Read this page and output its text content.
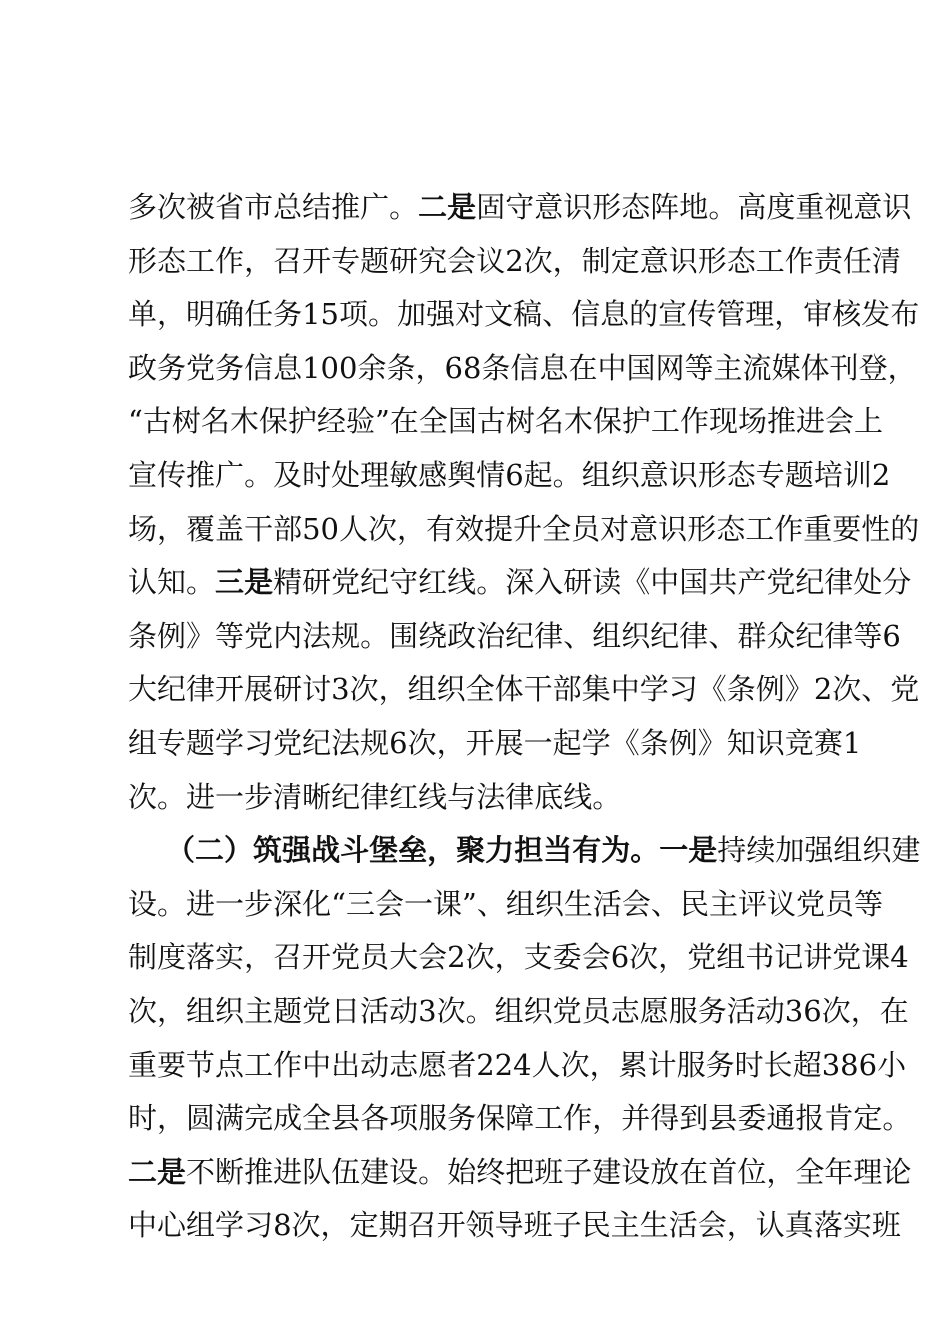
多 次 被 省 市 总 结 推 广 。 二 是 固 守 意 识 形 态 阵 地 。 高 度 重 视 意 识
形 态 工 作 ， 召 开 专 题 研 究 会 议 2 次 ， 制 定 意 识 形 态 工 作 责 任 清
单 ， 明 确 任 务 15 项 。 加 强 对 文 稿 、 信 息 的 宣 传 管 理 ， 审 核 发 布
政 务 党 务 信 息 100 余 条 ， 68 条 信 息 在 中 国 网 等 主 流 媒 体 刊 登 ，
“ 古 树 名 木 保 护 经 验 ” 在 全 国 古 树 名 木 保 护 工 作 现 场 推 进 会 上
宣 传 推 广 。 及 时 处 理 敏 感 舆 情 6 起 。 组 织 意 识 形 态 专 题 培 训 2
场 ， 覆 盖 干 部 50 人 次 ， 有 效 提 升 全 员 对 意 识 形 态 工 作 重 要 性 的
认 知 。 三 是 精 研 党 纪 守 红 线 。 深 入 研 读 《 中 国 共 产 党 纪 律 处 分
条 例 》 等 党 内 法 规 。 围 绕 政 治 纪 律 、 组 织 纪 律 、 群 众 纪 律 等 6
大 纪 律 开 展 研 讨 3 次 ， 组 织 全 体 干 部 集 中 学 习 《 条 例 》 2 次 、 党
组 专 题 学 习 党 纪 法 规 6 次 ， 开 展 一 起 学 《 条 例 》 知 识 竞 赛 1
次 。 进 一 步 清 晰 纪 律 红 线 与 法 律 底 线 。
（ 二 ） 筑 强 战 斗 堡 垒 ， 聚 力 担 当 有 为 。 一 是 持 续 加 强 组 织 建
设 。 进 一 步 深 化 “ 三 会 一 课 ” 、 组 织 生 活 会 、 民 主 评 议 党 员 等
制 度 落 实 ， 召 开 党 员 大 会 2 次 ， 支 委 会 6 次 ， 党 组 书 记 讲 党 课 4
次 ， 组 织 主 题 党 日 活 动 3 次 。 组 织 党 员 志 愿 服 务 活 动 36 次 ， 在
重 要 节 点 工 作 中 出 动 志 愿 者 224 人 次 ， 累 计 服 务 时 长 超 386 小
时 ， 圆 满 完 成 全 县 各 项 服 务 保 障 工 作 ， 并 得 到 县 委 通 报 肯 定 。
二 是 不 断 推 进 队 伍 建 设 。 始 终 把 班 子 建 设 放 在 首 位 ， 全 年 理 论
中 心 组 学 习 8 次 ， 定 期 召 开 领 导 班 子 民 主 生 活 会 ， 认 真 落 实 班
